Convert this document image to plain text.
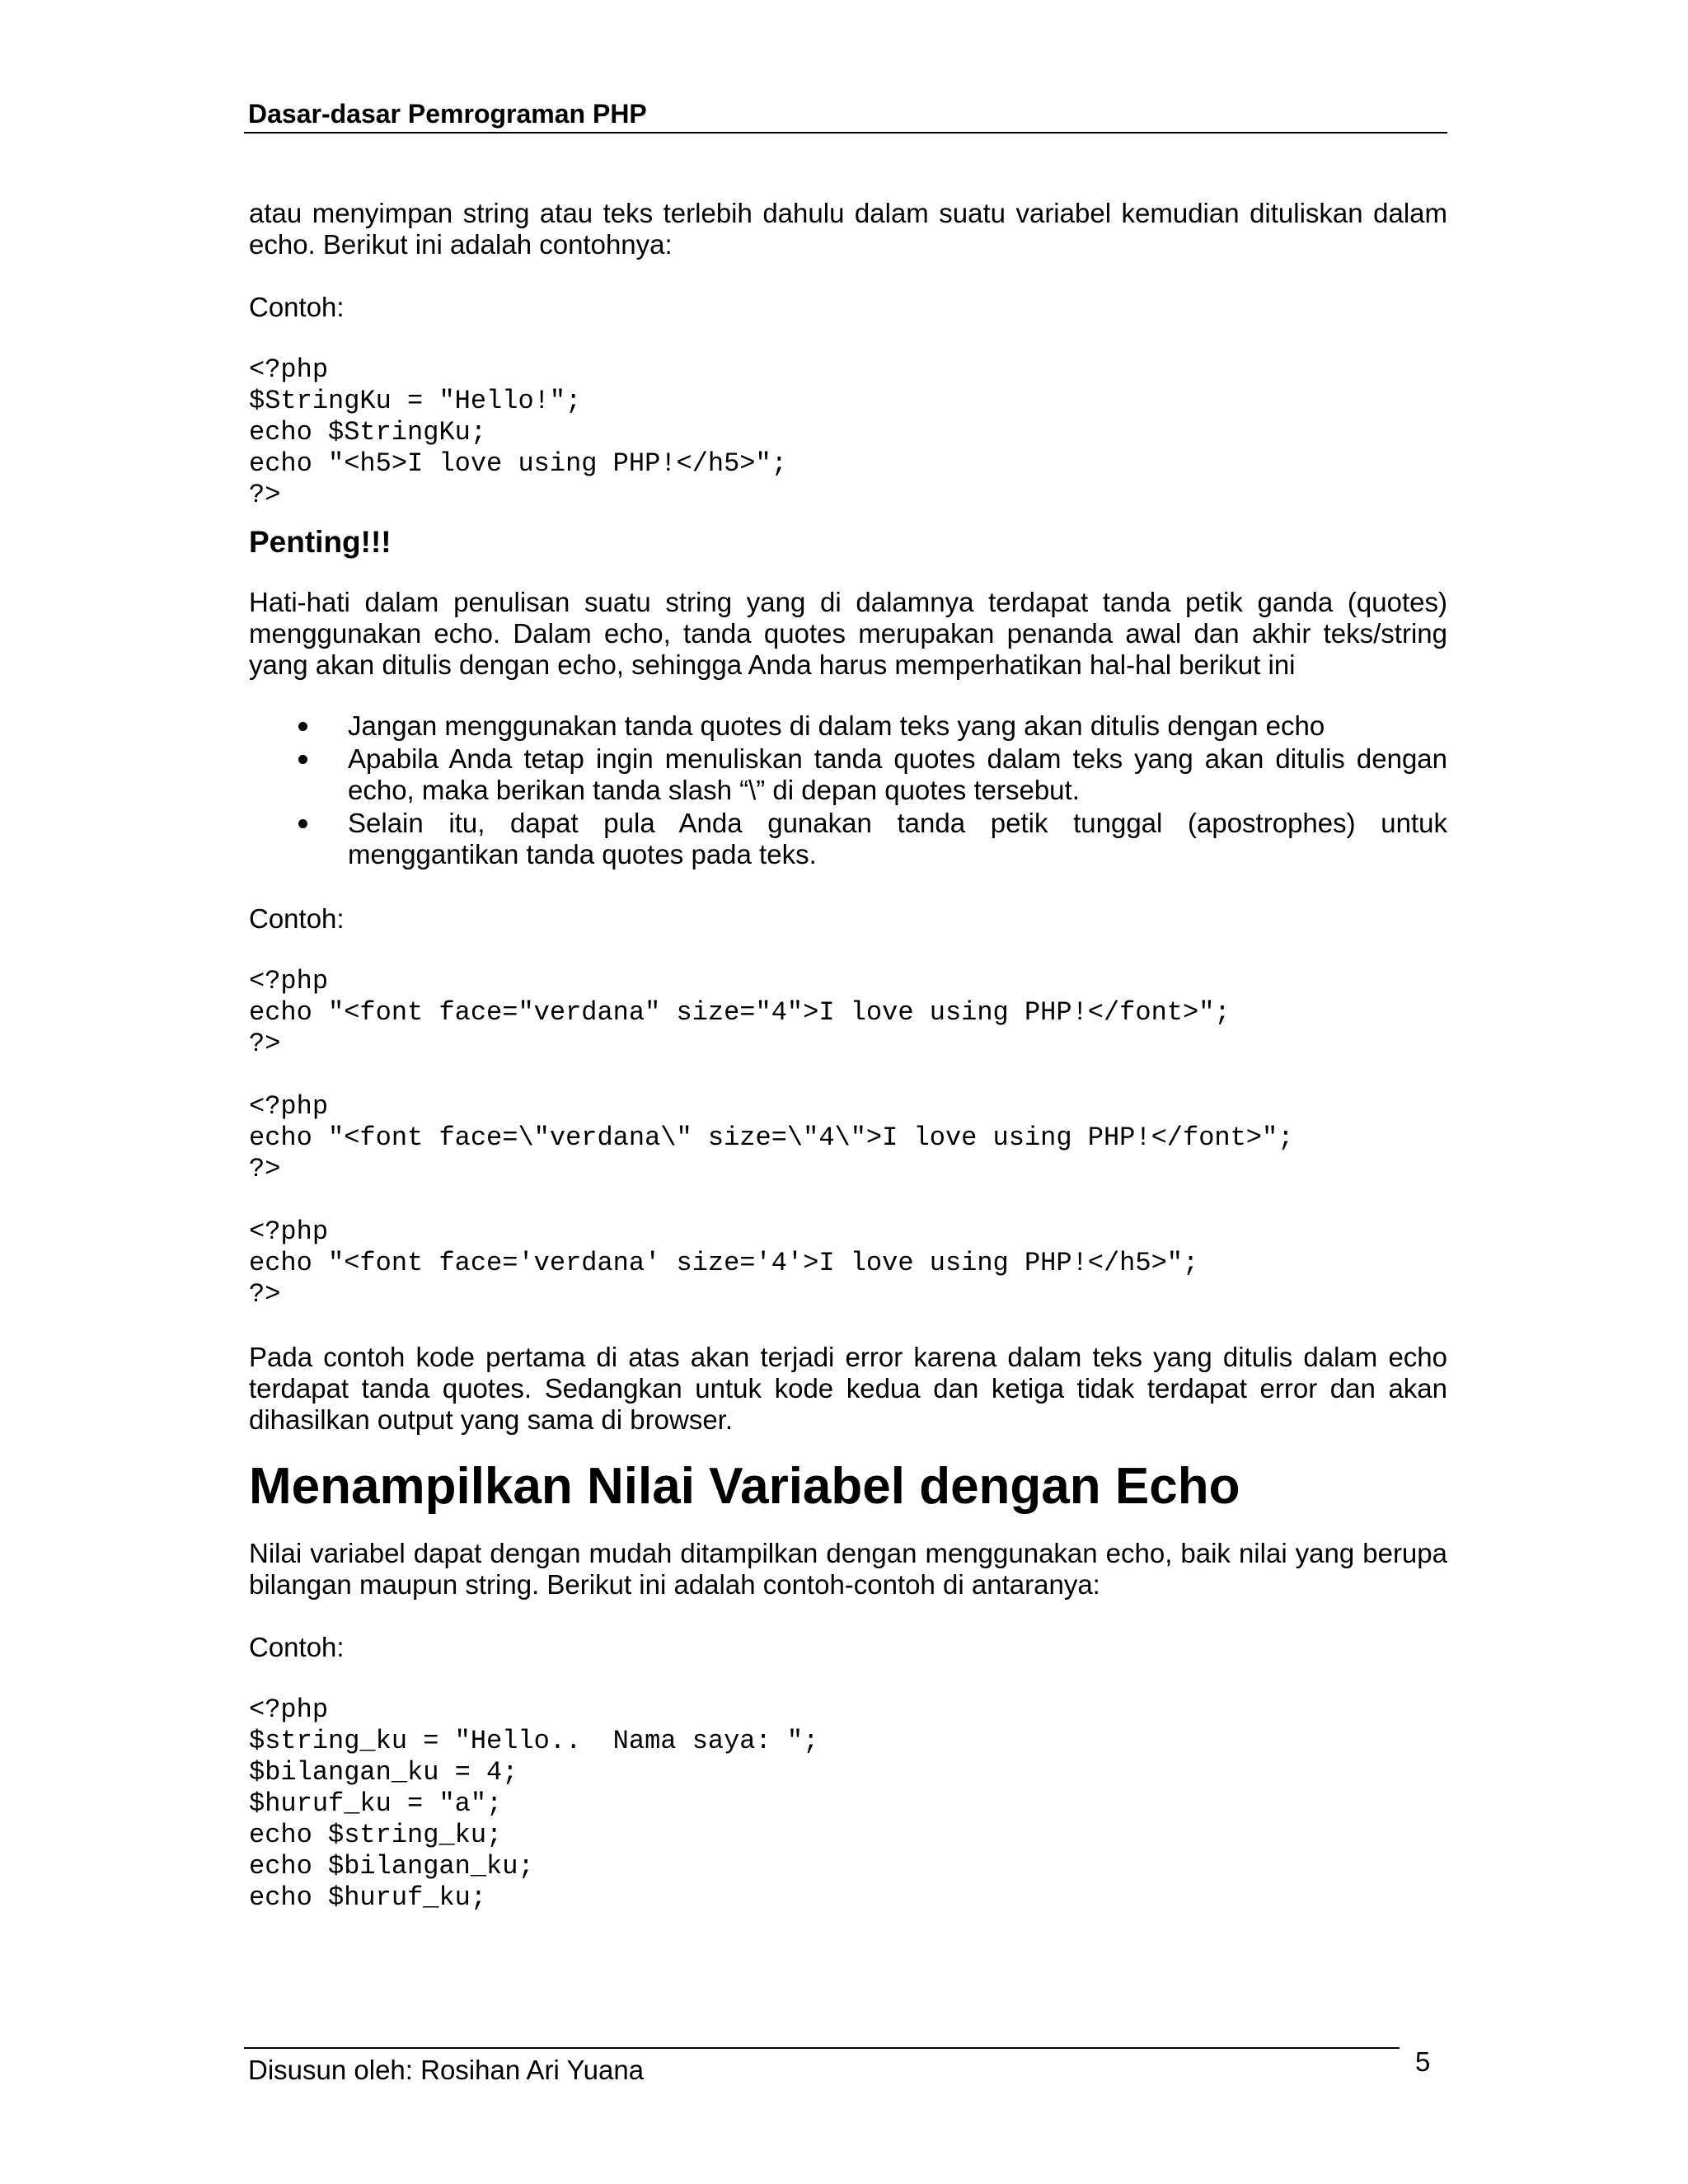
Dasar-dasar Pemrograman PHP

atau menyimpan string atau teks terlebih dahulu dalam suatu variabel kemudian dituliskan dalam echo. Berikut ini adalah contohnya:

Contoh:

<?php
$StringKu = "Hello!";
echo $StringKu;
echo "<h5>I love using PHP!</h5>";
?>

Penting!!!

Hati-hati dalam penulisan suatu string yang di dalamnya terdapat tanda petik ganda (quotes) menggunakan echo. Dalam echo, tanda quotes merupakan penanda awal dan akhir teks/string yang akan ditulis dengan echo, sehingga Anda harus memperhatikan hal-hal berikut ini

Jangan menggunakan tanda quotes di dalam teks yang akan ditulis dengan echo
Apabila Anda tetap ingin menuliskan tanda quotes dalam teks yang akan ditulis dengan echo, maka berikan tanda slash “\” di depan quotes tersebut.
Selain itu, dapat pula Anda gunakan tanda petik tunggal (apostrophes) untuk menggantikan tanda quotes pada teks.

Contoh:

<?php
echo "<font face="verdana" size="4">I love using PHP!</font>";
?>
<?php
echo "<font face=\"verdana\" size=\"4\">I love using PHP!</font>";
?>
<?php
echo "<font face='verdana' size='4'>I love using PHP!</h5>";
?>

Pada contoh kode pertama di atas akan terjadi error karena dalam teks yang ditulis dalam echo terdapat tanda quotes. Sedangkan untuk kode kedua dan ketiga tidak terdapat error dan akan dihasilkan output yang sama di browser.

Menampilkan Nilai Variabel dengan Echo

Nilai variabel dapat dengan mudah ditampilkan dengan menggunakan echo, baik nilai yang berupa bilangan maupun string. Berikut ini adalah contoh-contoh di antaranya:

Contoh:

<?php
$string_ku = "Hello..  Nama saya: ";
$bilangan_ku = 4;
$huruf_ku = "a";
echo $string_ku;
echo $bilangan_ku;
echo $huruf_ku;
Disusun oleh: Rosihan Ari Yuana	5
